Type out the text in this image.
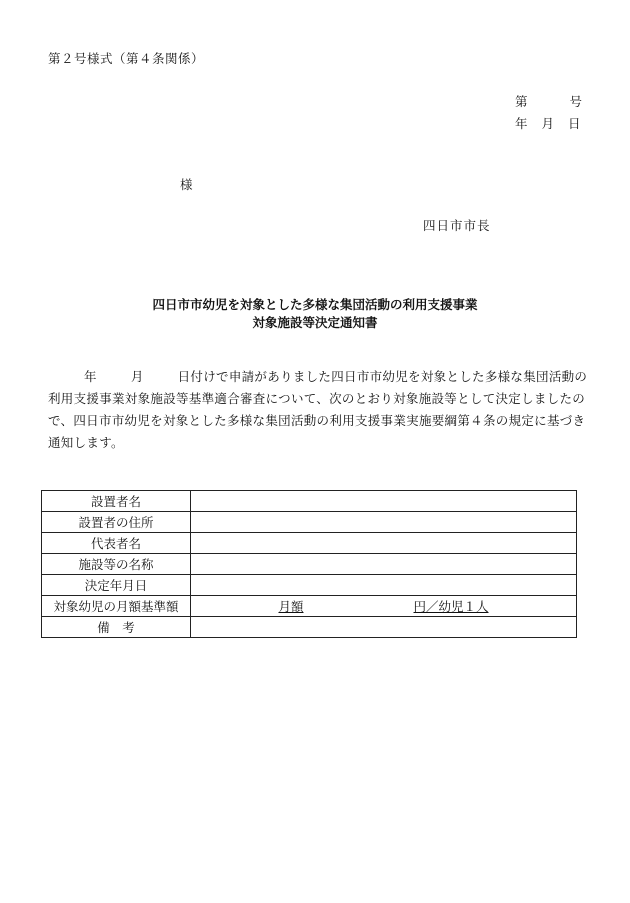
第２号様式（第４条関係）
第	号
年 月 日
様
四日市市長
四日市市幼児を対象とした多様な集団活動の利用支援事業
対象施設等決定通知書
年	月	日付けで申請がありました四日市市幼児を対象とした多様な集団活動の利用支援事業対象施設等基準適合審査について、次のとおり対象施設等として決定しましたので、四日市市幼児を対象とした多様な集団活動の利用支援事業実施要綱第４条の規定に基づき通知します。
設置者名	
設置者の住所	
代表者名	
施設等の名称	
決定年月日	
対象幼児の月額基準額	月額 円／幼児１人
備　考	
